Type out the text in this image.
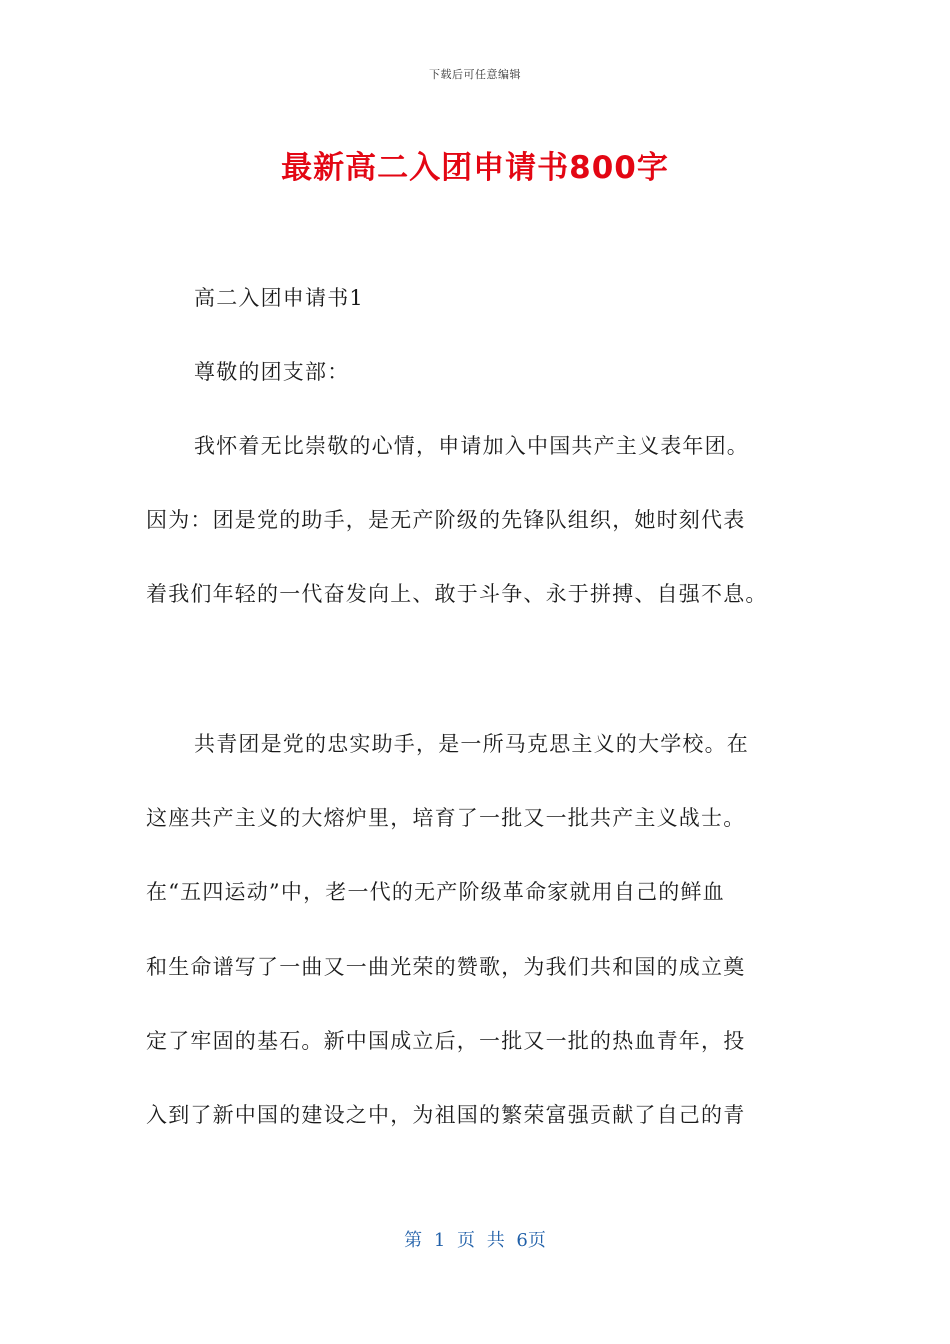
下载后可任意编辑
最新高二入团申请书800字
高二入团申请书1
尊敬的团支部：
我怀着无比崇敬的心情，申请加入中国共产主义表年团。
因为：团是党的助手，是无产阶级的先锋队组织，她时刻代表
着我们年轻的一代奋发向上、敢于斗争、永于拼搏、自强不息。
共青团是党的忠实助手，是一所马克思主义的大学校。在
这座共产主义的大熔炉里，培育了一批又一批共产主义战士。
在“五四运动”中，老一代的无产阶级革命家就用自己的鲜血
和生命谱写了一曲又一曲光荣的赞歌，为我们共和国的成立奠
定了牢固的基石。新中国成立后，一批又一批的热血青年，投
入到了新中国的建设之中，为祖国的繁荣富强贡献了自己的青
第 1 页 共 6页
